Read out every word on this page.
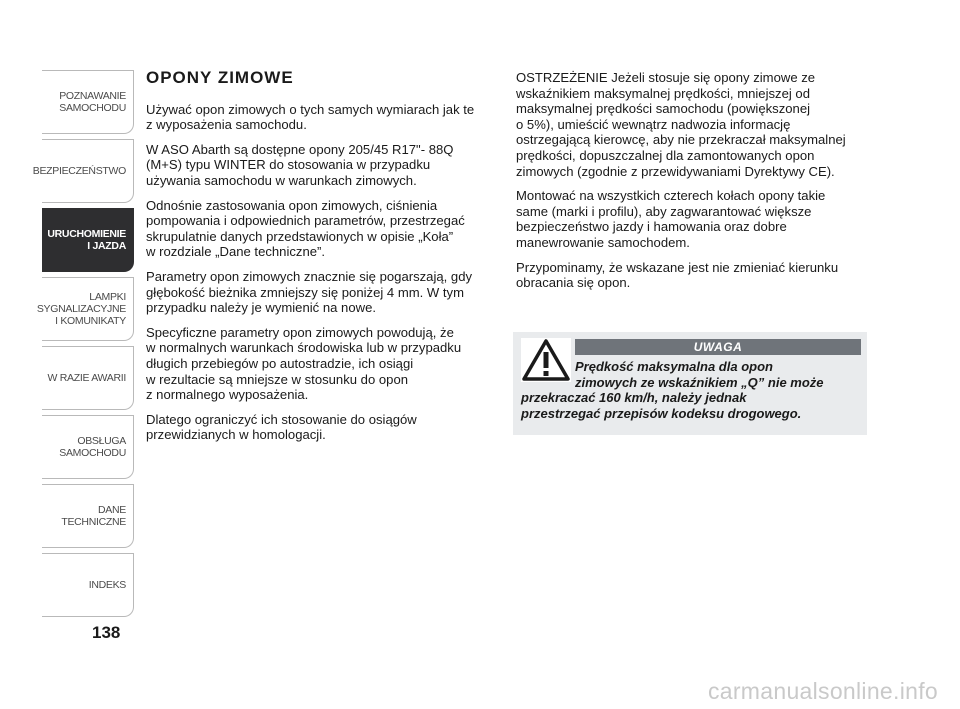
POZNAWANIE
SAMOCHODU
BEZPIECZEŃSTWO
URUCHOMIENIE
I JAZDA
LAMPKI
SYGNALIZACYJNE
I KOMUNIKATY
W RAZIE AWARII
OBSŁUGA
SAMOCHODU
DANE
TECHNICZNE
INDEKS
138
OPONY ZIMOWE

Używać opon zimowych o tych samych wymiarach jak te
z wyposażenia samochodu.

W ASO Abarth są dostępne opony 205/45 R17"- 88Q
(M+S) typu WINTER do stosowania w przypadku
używania samochodu w warunkach zimowych.

Odnośnie zastosowania opon zimowych, ciśnienia
pompowania i odpowiednich parametrów, przestrzegać
skrupulatnie danych przedstawionych w opisie „Koła”
w rozdziale „Dane techniczne”.

Parametry opon zimowych znacznie się pogarszają, gdy
głębokość bieżnika zmniejszy się poniżej 4 mm. W tym
przypadku należy je wymienić na nowe.

Specyficzne parametry opon zimowych powodują, że
w normalnych warunkach środowiska lub w przypadku
długich przebiegów po autostradzie, ich osiągi
w rezultacie są mniejsze w stosunku do opon
z normalnego wyposażenia.

Dlatego ograniczyć ich stosowanie do osiągów
przewidzianych w homologacji.

OSTRZEŻENIE Jeżeli stosuje się opony zimowe ze
wskaźnikiem maksymalnej prędkości, mniejszej od
maksymalnej prędkości samochodu (powiększonej
o 5%), umieścić wewnątrz nadwozia informację
ostrzegającą kierowcę, aby nie przekraczał maksymalnej
prędkości, dopuszczalnej dla zamontowanych opon
zimowych (zgodnie z przewidywaniami Dyrektywy CE).

Montować na wszystkich czterech kołach opony takie
same (marki i profilu), aby zagwarantować większe
bezpieczeństwo jazdy i hamowania oraz dobre
manewrowanie samochodem.

Przypominamy, że wskazane jest nie zmieniać kierunku
obracania się opon.

UWAGA
Prędkość maksymalna dla opon
zimowych ze wskaźnikiem „Q” nie może
przekraczać 160 km/h, należy jednak
przestrzegać przepisów kodeksu drogowego.
carmanualsonline.info
